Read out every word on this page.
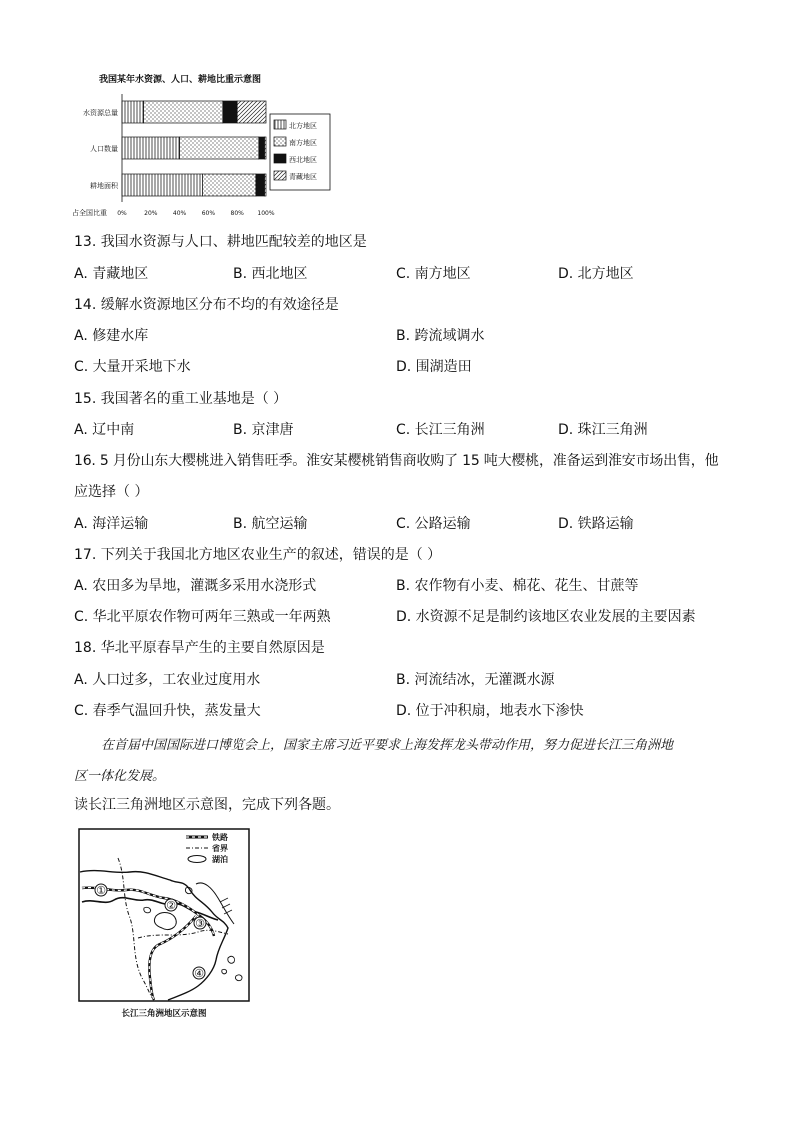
我国某年水资源、人口、耕地比重示意图
水资源总量
人口数量
耕地面积
0%	20%	40%	60%	80% 100%
占全国比重
北方地区
南方地区
西北地区
青藏地区
13. 我国水资源与人口、耕地匹配较差的地区是
A. 青藏地区	B. 西北地区	C. 南方地区	D. 北方地区
14. 缓解水资源地区分布不均的有效途径是
A. 修建水库	B. 跨流域调水
C. 大量开采地下水	D. 围湖造田
15. 我国著名的重工业基地是（ ）
A. 辽中南	B. 京津唐	C. 长江三角洲	D. 珠江三角洲
16. 5 月份山东大樱桃进入销售旺季。淮安某樱桃销售商收购了 15 吨大樱桃，准备运到淮安市场出售，他
应选择（ ）
A. 海洋运输	B. 航空运输	C. 公路运输	D. 铁路运输
17. 下列关于我国北方地区农业生产的叙述，错误的是（ ）
A. 农田多为旱地，灌溉多采用水浇形式	B. 农作物有小麦、棉花、花生、甘蔗等
C. 华北平原农作物可两年三熟或一年两熟	D. 水资源不足是制约该地区农业发展的主要因素
18. 华北平原春旱产生的主要自然原因是
A. 人口过多，工农业过度用水	B. 河流结冰，无灌溉水源
C. 春季气温回升快，蒸发量大	D. 位于冲积扇，地表水下渗快
在首届中国国际进口博览会上，国家主席习近平要求上海发挥龙头带动作用，努力促进长江三角洲地
区一体化发展。
读长江三角洲地区示意图，完成下列各题。
铁路
省界
湖泊
①
②
③
④
长江三角洲地区示意图
